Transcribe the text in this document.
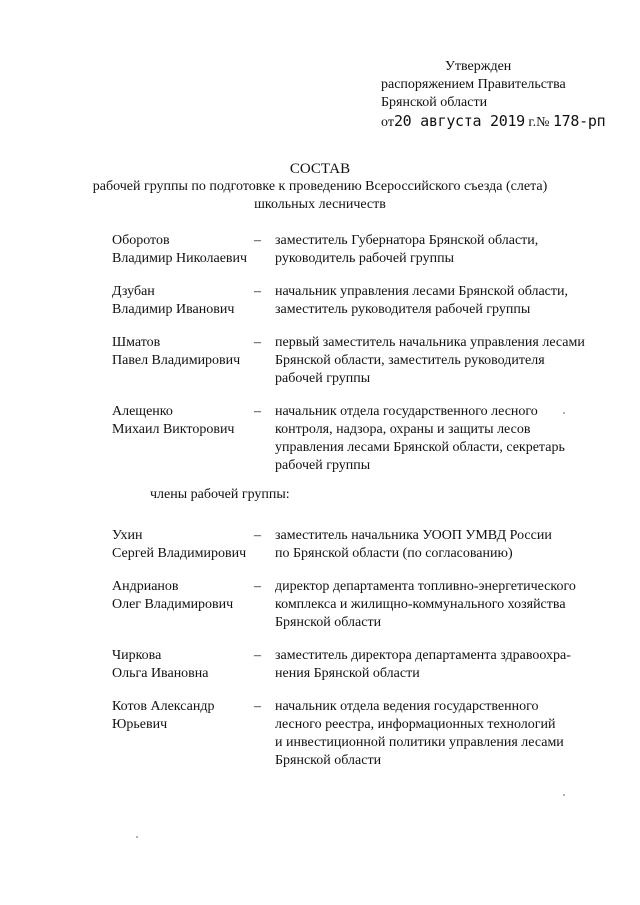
Утвержден
распоряжением Правительства
Брянской области
от20 августа 2019 г.№ 178-рп
СОСТАВ
рабочей группы по подготовке к проведению Всероссийского съезда (слета)
школьных лесничеств
Оборотов
Владимир Николаевич
– заместитель Губернатора Брянской области,
руководитель рабочей группы
Дзубан
Владимир Иванович
– начальник управления лесами Брянской области,
заместитель руководителя рабочей группы
Шматов
Павел Владимирович
– первый заместитель начальника управления лесами
Брянской области, заместитель руководителя
рабочей группы
Алещенко
Михаил Викторович
– начальник отдела государственного лесного
контроля, надзора, охраны и защиты лесов
управления лесами Брянской области, секретарь
рабочей группы
члены рабочей группы:
Ухин
Сергей Владимирович
– заместитель начальника УООП УМВД России
по Брянской области (по согласованию)
Андрианов
Олег Владимирович
– директор департамента топливно-энергетического
комплекса и жилищно-коммунального хозяйства
Брянской области
Чиркова
Ольга Ивановна
– заместитель директора департамента здравоохра-
нения Брянской области
Котов Александр
Юрьевич
– начальник отдела ведения государственного
лесного реестра, информационных технологий
и инвестиционной политики управления лесами
Брянской области
